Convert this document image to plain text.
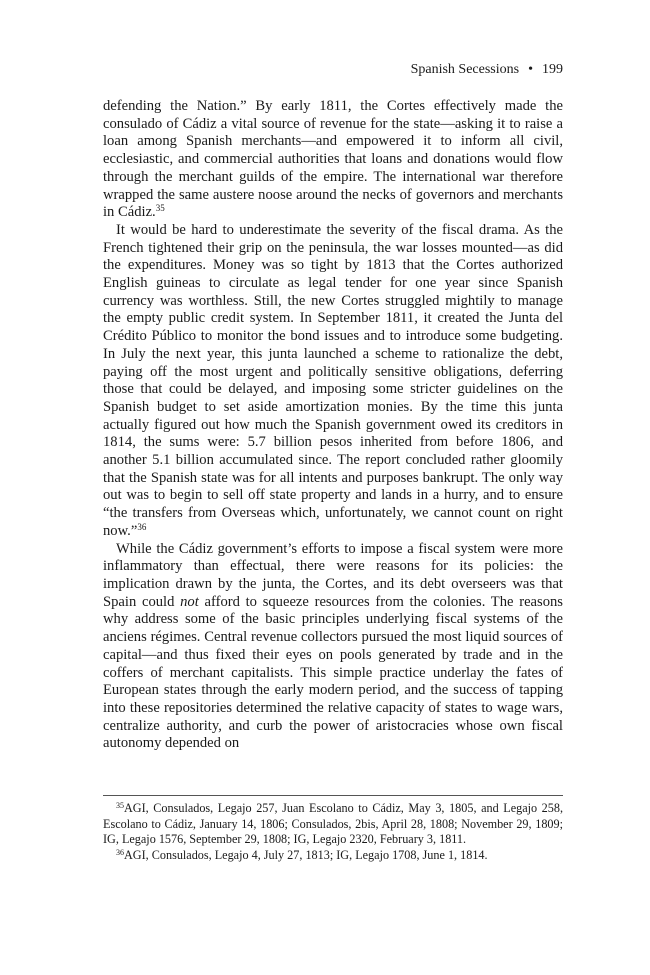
Spanish Secessions • 199

defending the Nation.” By early 1811, the Cortes effectively made the consulado of Cádiz a vital source of revenue for the state—asking it to raise a loan among Spanish merchants—and empowered it to inform all civil, ecclesiastic, and commercial authorities that loans and donations would flow through the merchant guilds of the empire. The international war therefore wrapped the same austere noose around the necks of governors and merchants in Cádiz.$^{35}$

It would be hard to underestimate the severity of the fiscal drama. As the French tightened their grip on the peninsula, the war losses mounted—as did the expenditures. Money was so tight by 1813 that the Cortes authorized English guineas to circulate as legal tender for one year since Spanish currency was worthless. Still, the new Cortes struggled mightily to manage the empty public credit system. In September 1811, it created the Junta del Crédito Público to monitor the bond issues and to introduce some budgeting. In July the next year, this junta launched a scheme to rationalize the debt, paying off the most urgent and politically sensitive obligations, deferring those that could be delayed, and imposing some stricter guidelines on the Spanish budget to set aside amortization monies. By the time this junta actually figured out how much the Spanish government owed its creditors in 1814, the sums were: 5.7 billion pesos inherited from before 1806, and another 5.1 billion accumulated since. The report concluded rather gloomily that the Spanish state was for all intents and purposes bankrupt. The only way out was to begin to sell off state property and lands in a hurry, and to ensure “the transfers from Overseas which, unfortunately, we cannot count on right now.”$^{36}$

While the Cádiz government’s efforts to impose a fiscal system were more inflammatory than effectual, there were reasons for its policies: the implication drawn by the junta, the Cortes, and its debt overseers was that Spain could not afford to squeeze resources from the colonies. The reasons why address some of the basic principles underlying fiscal systems of the anciens régimes. Central revenue collectors pursued the most liquid sources of capital—and thus fixed their eyes on pools generated by trade and in the coffers of merchant capitalists. This simple practice underlay the fates of European states through the early modern period, and the success of tapping into these repositories determined the relative capacity of states to wage wars, centralize authority, and curb the power of aristocracies whose own fiscal autonomy depended on

$^{35}$AGI, Consulados, Legajo 257, Juan Escolano to Cádiz, May 3, 1805, and Legajo 258, Escolano to Cádiz, January 14, 1806; Consulados, 2bis, April 28, 1808; November 29, 1809; IG, Legajo 1576, September 29, 1808; IG, Legajo 2320, February 3, 1811.

$^{36}$AGI, Consulados, Legajo 4, July 27, 1813; IG, Legajo 1708, June 1, 1814.
